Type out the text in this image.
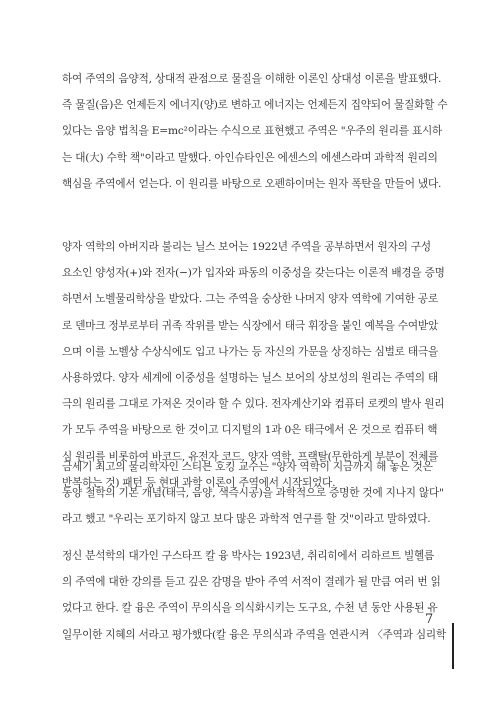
하여 주역의 음양적, 상대적 관점으로 물질을 이해한 이론인 상대성 이론을 발표했다.
즉 물질(음)은 언제든지 에너지(양)로 변하고 에너지는 언제든지 집약되어 물질화할 수
있다는 음양 법칙을 E=mc²이라는 수식으로 표현했고 주역은 "우주의 원리를 표시하
는 대(大) 수학 책"이라고 말했다. 아인슈타인은 에센스의 에센스라며 과학적 원리의
핵심을 주역에서 얻는다. 이 원리를 바탕으로 오펜하이머는 원자 폭탄을 만들어 냈다.
양자 역학의 아버지라 불리는 닐스 보어는 1922년 주역을 공부하면서 원자의 구성
요소인 양성자(+)와 전자(−)가 입자와 파동의 이중성을 갖는다는 이론적 배경을 증명
하면서 노벨물리학상을 받았다. 그는 주역을 숭상한 나머지 양자 역학에 기여한 공로
로 덴마크 정부로부터 귀족 작위를 받는 식장에서 태극 휘장을 붙인 예복을 수여받았
으며 이를 노벨상 수상식에도 입고 나가는 등 자신의 가문을 상징하는 심벌로 태극을
사용하였다. 양자 세계에 이중성을 설명하는 닐스 보어의 상보성의 원리는 주역의 태
극의 원리를 그대로 가져온 것이라 할 수 있다. 전자계산기와 컴퓨터 로켓의 발사 원리
가 모두 주역을 바탕으로 한 것이고 디지털의 1과 0은 태극에서 온 것으로 컴퓨터 핵
심 원리를 비롯하여 바코드, 유전자 코드, 양자 역학, 프랙탈(무한하게 부분이 전체를
반복하는 것) 패턴 등 현대 과학 이론이 주역에서 시작되었다.
금세기 최고의 물리학자인 스티븐 호킹 교수는 "양자 역학이 지금까지 해 놓은 것은
동양 철학의 기본 개념(태극, 음양, 색즉시공)을 과학적으로 증명한 것에 지나지 않다"
라고 했고 "우리는 포기하지 않고 보다 많은 과학적 연구를 할 것"이라고 말하였다.
정신 분석학의 대가인 구스타프 칼 융 박사는 1923년, 취리히에서 리하르트 빌헬름
의 주역에 대한 강의를 듣고 깊은 감명을 받아 주역 서적이 결레가 될 만큼 여러 번 읽
었다고 한다. 칼 융은 주역이 무의식을 의식화시키는 도구요, 수천 년 동안 사용된 유
일무이한 지혜의 서라고 평가했다(칼 융은 무의식과 주역을 연관시켜 〈주역과 심리학
7
